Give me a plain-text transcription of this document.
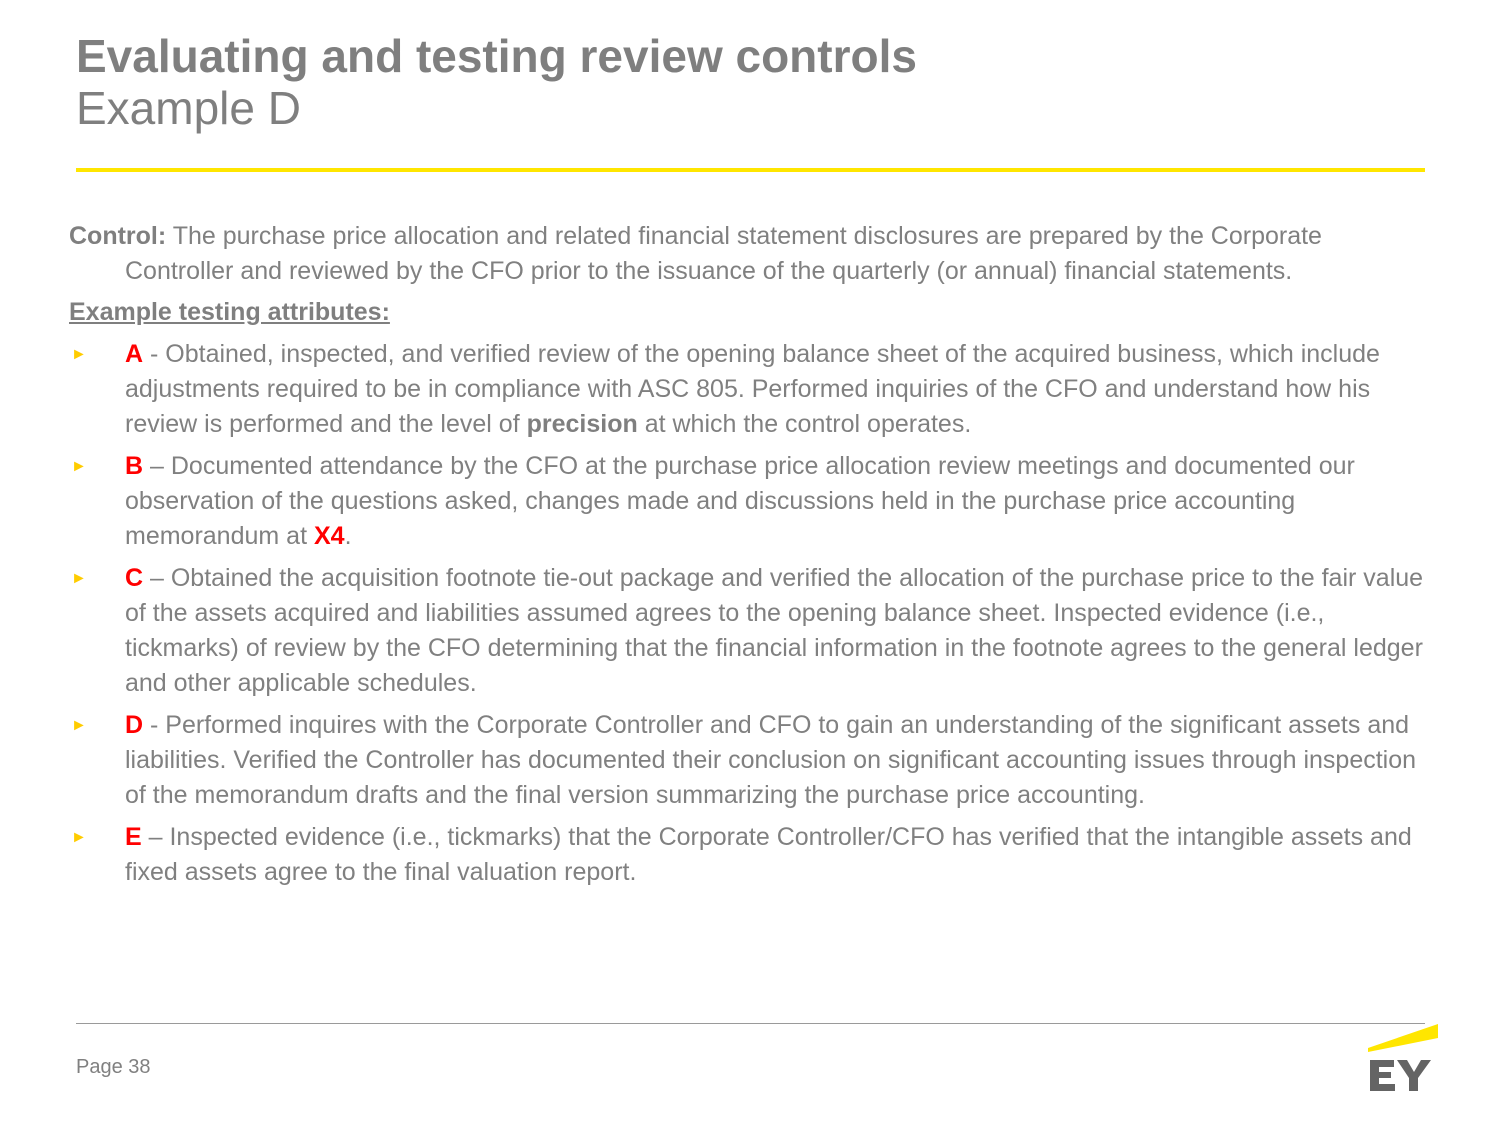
Evaluating and testing review controls
Example D

Control: The purchase price allocation and related financial statement disclosures are prepared by the Corporate Controller and reviewed by the CFO prior to the issuance of the quarterly (or annual) financial statements.

Example testing attributes:

► A - Obtained, inspected, and verified review of the opening balance sheet of the acquired business, which include adjustments required to be in compliance with ASC 805. Performed inquiries of the CFO and understand how his review is performed and the level of precision at which the control operates.
► B – Documented attendance by the CFO at the purchase price allocation review meetings and documented our observation of the questions asked, changes made and discussions held in the purchase price accounting memorandum at X4.
► C – Obtained the acquisition footnote tie-out package and verified the allocation of the purchase price to the fair value of the assets acquired and liabilities assumed agrees to the opening balance sheet. Inspected evidence (i.e., tickmarks) of review by the CFO determining that the financial information in the footnote agrees to the general ledger and other applicable schedules.
► D - Performed inquires with the Corporate Controller and CFO to gain an understanding of the significant assets and liabilities. Verified the Controller has documented their conclusion on significant accounting issues through inspection of the memorandum drafts and the final version summarizing the purchase price accounting.
► E – Inspected evidence (i.e., tickmarks) that the Corporate Controller/CFO has verified that the intangible assets and fixed assets agree to the final valuation report.
Page 38
